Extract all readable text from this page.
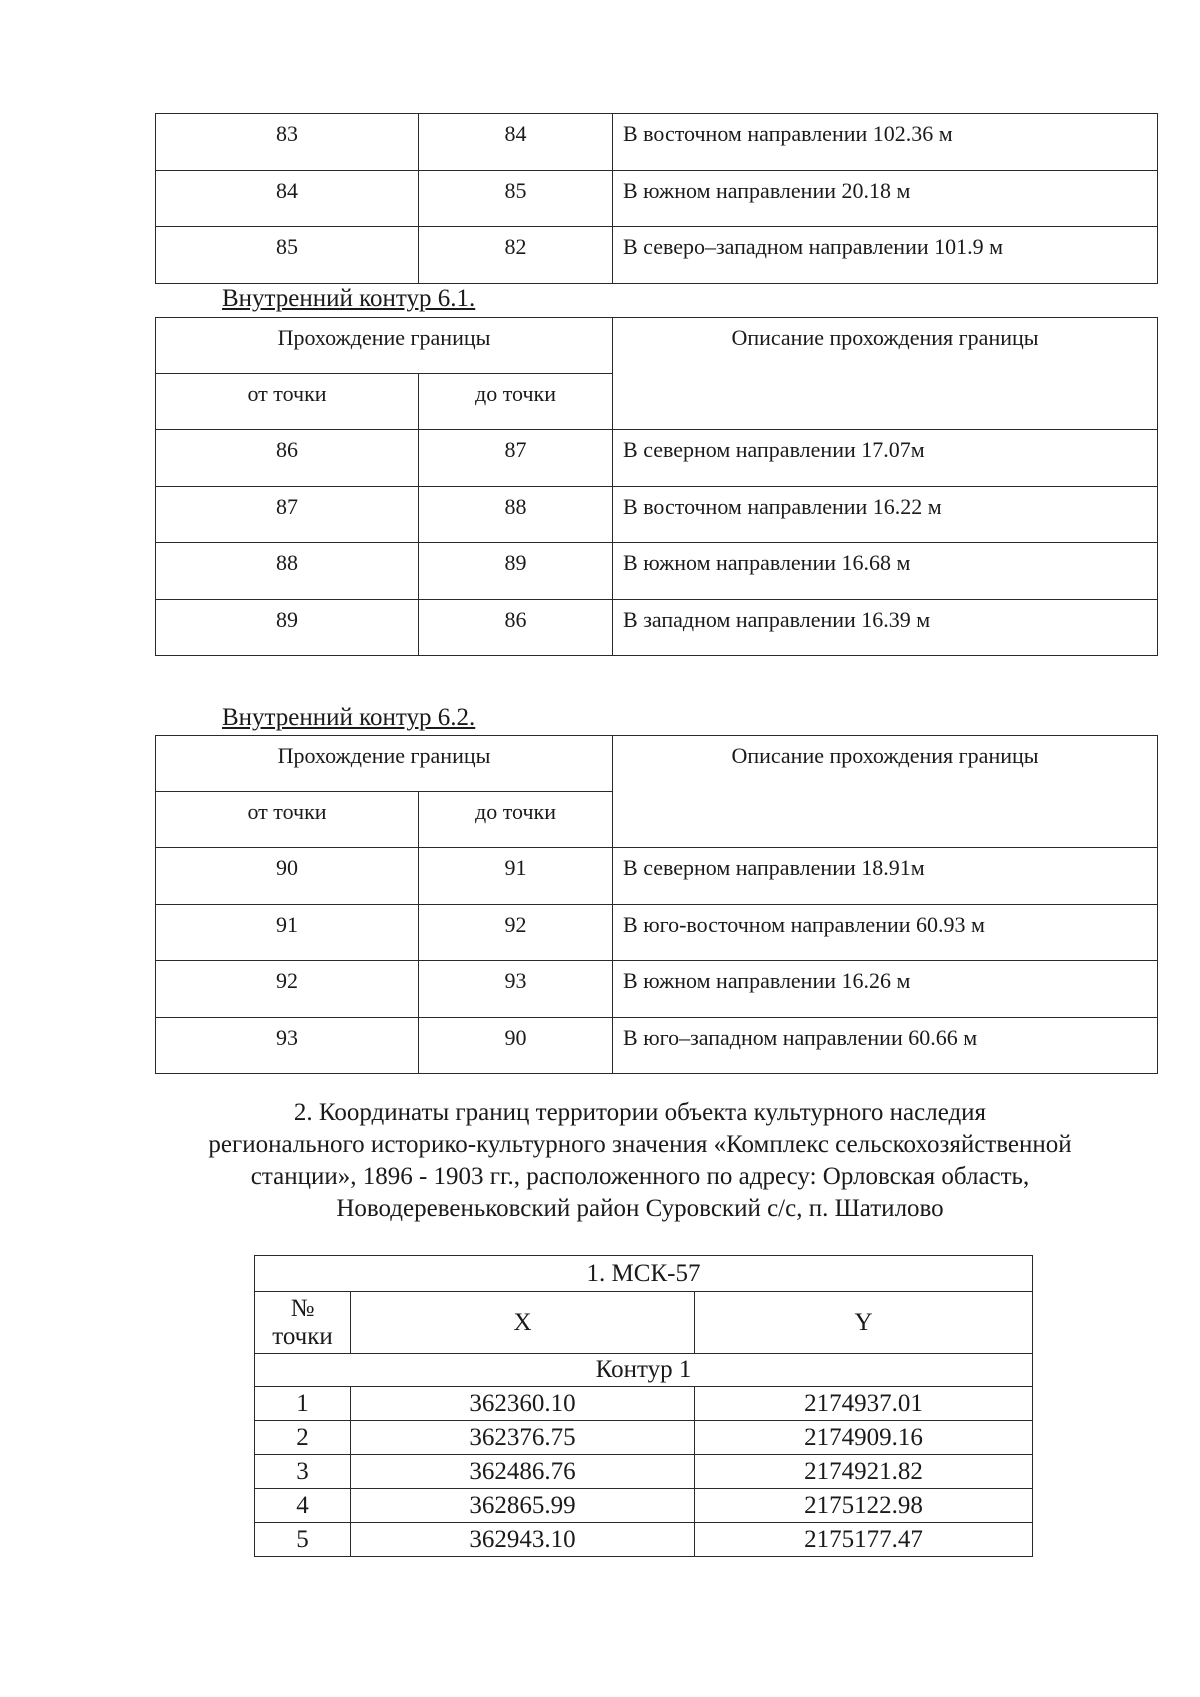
83	84	В восточном направлении 102.36 м
84	85	В южном направлении 20.18 м
85	82	В северо–западном направлении 101.9 м
Внутренний контур 6.1.
Прохождение границы		Описание прохождения границы
от точки	до точки	
86	87	В северном направлении 17.07м
87	88	В восточном направлении 16.22 м
88	89	В южном направлении 16.68 м
89	86	В западном направлении 16.39 м
Внутренний контур 6.2.
Прохождение границы		Описание прохождения границы
от точки	до точки	
90	91	В северном направлении 18.91м
91	92	В юго-восточном направлении 60.93 м
92	93	В южном направлении 16.26 м
93	90	В юго–западном направлении 60.66 м
2. Координаты границ территории объекта культурного наследия
регионального историко-культурного значения «Комплекс сельскохозяйственной
станции», 1896 - 1903 гг., расположенного по адресу: Орловская область,
Новодеревеньковский район Суровский с/с, п. Шатилово
1. МСК-57		

№
точки	X	Y
Контур 1		
1	362360.10	2174937.01
2	362376.75	2174909.16
3	362486.76	2174921.82
4	362865.99	2175122.98
5	362943.10	2175177.47
